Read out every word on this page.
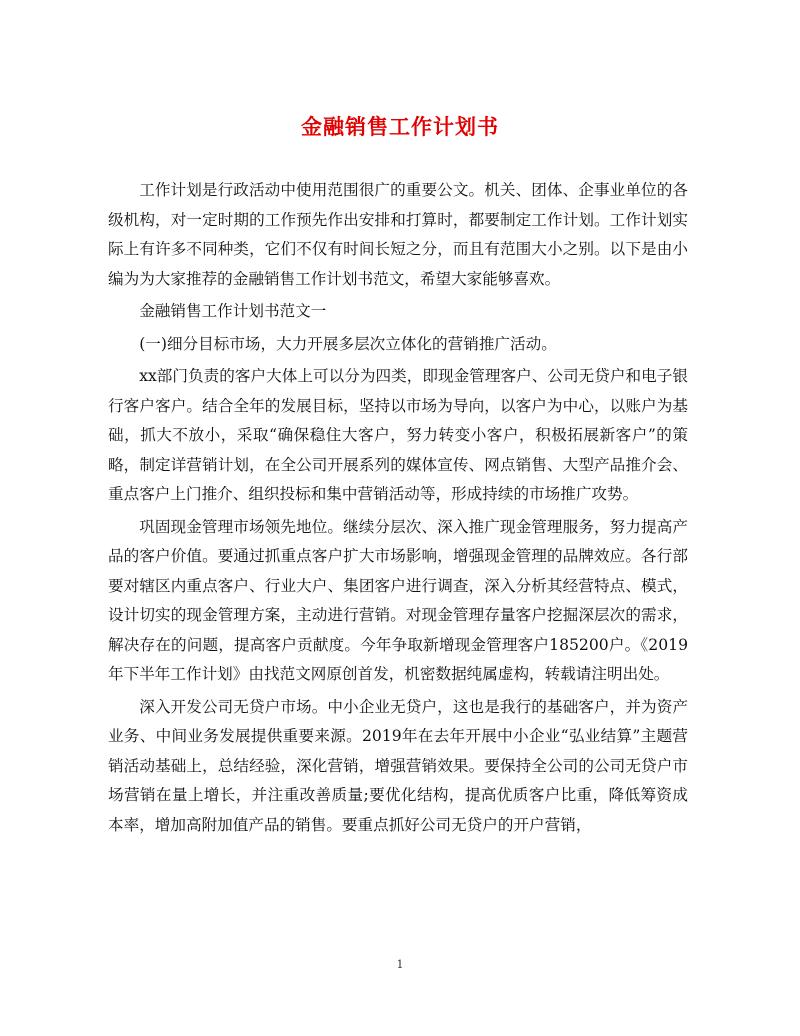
金融销售工作计划书

工作计划是行政活动中使用范围很广的重要公文。机关、团体、企事业单位的各级机构，对一定时期的工作预先作出安排和打算时，都要制定工作计划。工作计划实际上有许多不同种类，它们不仅有时间长短之分，而且有范围大小之别。以下是由小编为为大家推荐的金融销售工作计划书范文，希望大家能够喜欢。

金融销售工作计划书范文一

(一)细分目标市场，大力开展多层次立体化的营销推广活动。

xx部门负责的客户大体上可以分为四类，即现金管理客户、公司无贷户和电子银行客户客户。结合全年的发展目标，坚持以市场为导向，以客户为中心，以账户为基础，抓大不放小，采取“确保稳住大客户，努力转变小客户，积极拓展新客户”的策略，制定详营销计划，在全公司开展系列的媒体宣传、网点销售、大型产品推介会、重点客户上门推介、组织投标和集中营销活动等，形成持续的市场推广攻势。

巩固现金管理市场领先地位。继续分层次、深入推广现金管理服务，努力提高产品的客户价值。要通过抓重点客户扩大市场影响，增强现金管理的品牌效应。各行部要对辖区内重点客户、行业大户、集团客户进行调查，深入分析其经营特点、模式，设计切实的现金管理方案，主动进行营销。对现金管理存量客户挖掘深层次的需求，解决存在的问题，提高客户贡献度。今年争取新增现金管理客户185200户。《2019年下半年工作计划》由找范文网原创首发，机密数据纯属虚构，转载请注明出处。

深入开发公司无贷户市场。中小企业无贷户，这也是我行的基础客户，并为资产业务、中间业务发展提供重要来源。2019年在去年开展中小企业“弘业结算”主题营销活动基础上，总结经验，深化营销，增强营销效果。要保持全公司的公司无贷户市场营销在量上增长，并注重改善质量;要优化结构，提高优质客户比重，降低筹资成本率，增加高附加值产品的销售。要重点抓好公司无贷户的开户营销，

1
